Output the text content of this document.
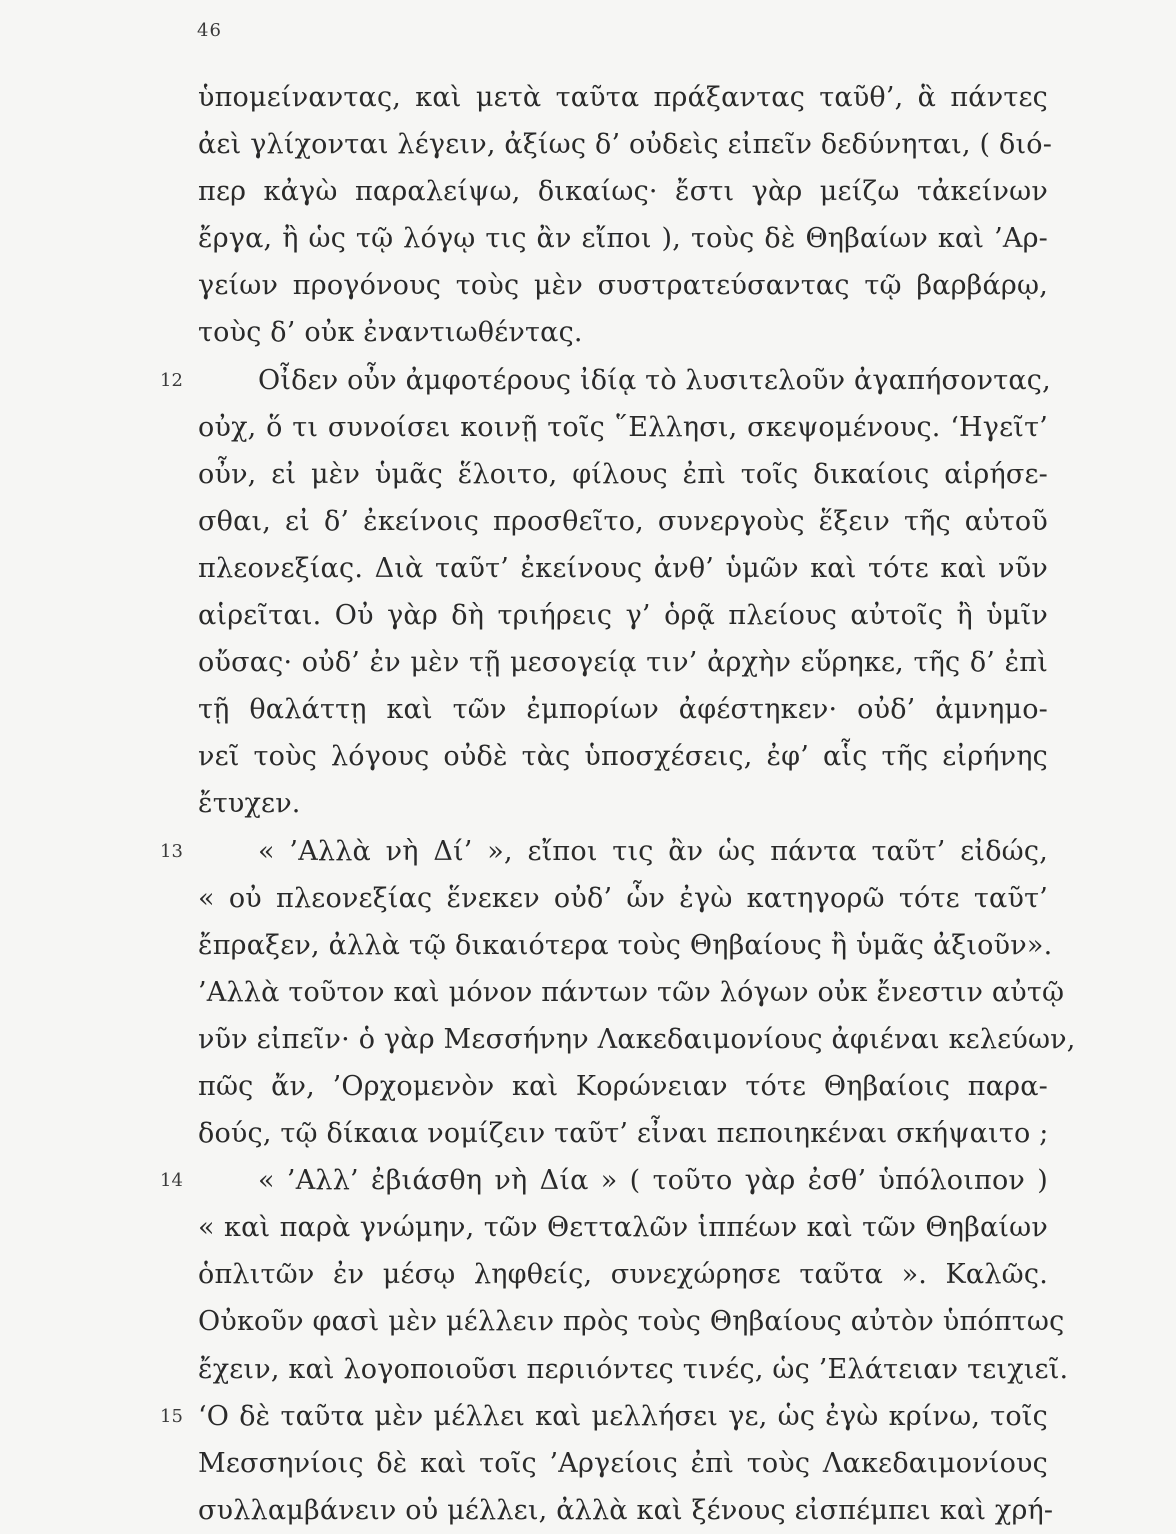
46
ὑπομείναντας, καὶ μετὰ ταῦτα πράξαντας ταῦθ’, ἃ πάντες
ἀεὶ γλίχονται λέγειν, ἀξίως δ’ οὐδεὶς εἰπεῖν δεδύνηται, ( διό-
περ κἀγὼ παραλείψω, δικαίως· ἔστι γὰρ μείζω τἀκείνων
ἔργα, ἢ ὡς τῷ λόγῳ τις ἂν εἴποι ), τοὺς δὲ Θηβαίων καὶ ’Αρ-
γείων προγόνους τοὺς μὲν συστρατεύσαντας τῷ βαρβάρῳ,
τοὺς δ’ οὐκ ἐναντιωθέντας.
12	Οἶδεν οὖν ἀμφοτέρους ἰδίᾳ τὸ λυσιτελοῦν ἀγαπήσοντας,
οὐχ, ὅ τι συνοίσει κοινῇ τοῖς ῞Ελλησι, σκεψομένους. ‘Ηγεῖτ’
οὖν, εἰ μὲν ὑμᾶς ἕλοιτο, φίλους ἐπὶ τοῖς δικαίοις αἱρήσε-
σθαι, εἰ δ’ ἐκείνοις προσθεῖτο, συνεργοὺς ἕξειν τῆς αὑτοῦ
πλεονεξίας. Διὰ ταῦτ’ ἐκείνους ἀνθ’ ὑμῶν καὶ τότε καὶ νῦν
αἱρεῖται. Οὐ γὰρ δὴ τριήρεις γ’ ὁρᾷ πλείους αὐτοῖς ἢ ὑμῖν
οὔσας· οὐδ’ ἐν μὲν τῇ μεσογείᾳ τιν’ ἀρχὴν εὕρηκε, τῆς δ’ ἐπὶ
τῇ θαλάττῃ καὶ τῶν ἐμπορίων ἀφέστηκεν· οὐδ’ ἀμνημο-
νεῖ τοὺς λόγους οὐδὲ τὰς ὑποσχέσεις, ἐφ’ αἷς τῆς εἰρήνης
ἔτυχεν.
13	« ’Αλλὰ νὴ Δί’ », εἴποι τις ἂν ὡς πάντα ταῦτ’ εἰδώς,
« οὐ πλεονεξίας ἕνεκεν οὐδ’ ὧν ἐγὼ κατηγορῶ τότε ταῦτ’
ἔπραξεν, ἀλλὰ τῷ δικαιότερα τοὺς Θηβαίους ἢ ὑμᾶς ἀξιοῦν».
’Αλλὰ τοῦτον καὶ μόνον πάντων τῶν λόγων οὐκ ἔνεστιν αὐτῷ
νῦν εἰπεῖν· ὁ γὰρ Μεσσήνην Λακεδαιμονίους ἀφιέναι κελεύων,
πῶς ἄν, ’Ορχομενὸν καὶ Κορώνειαν τότε Θηβαίοις παρα-
δούς, τῷ δίκαια νομίζειν ταῦτ’ εἶναι πεποιηκέναι σκήψαιτο ;
14	« ’Αλλ’ ἐβιάσθη νὴ Δία » ( τοῦτο γὰρ ἐσθ’ ὑπόλοιπον )
« καὶ παρὰ γνώμην, τῶν Θετταλῶν ἱππέων καὶ τῶν Θηβαίων
ὁπλιτῶν ἐν μέσῳ ληφθείς, συνεχώρησε ταῦτα ». Καλῶς.
Οὐκοῦν φασὶ μὲν μέλλειν πρὸς τοὺς Θηβαίους αὐτὸν ὑπόπτως
ἔχειν, καὶ λογοποιοῦσι περιιόντες τινές, ὡς ’Ελάτειαν τειχιεῖ.
15 ‘Ο δὲ ταῦτα μὲν μέλλει καὶ μελλήσει γε, ὡς ἐγὼ κρίνω, τοῖς
Μεσσηνίοις δὲ καὶ τοῖς ’Αργείοις ἐπὶ τοὺς Λακεδαιμονίους
συλλαμβάνειν οὐ μέλλει, ἀλλὰ καὶ ξένους εἰσπέμπει καὶ χρή-
